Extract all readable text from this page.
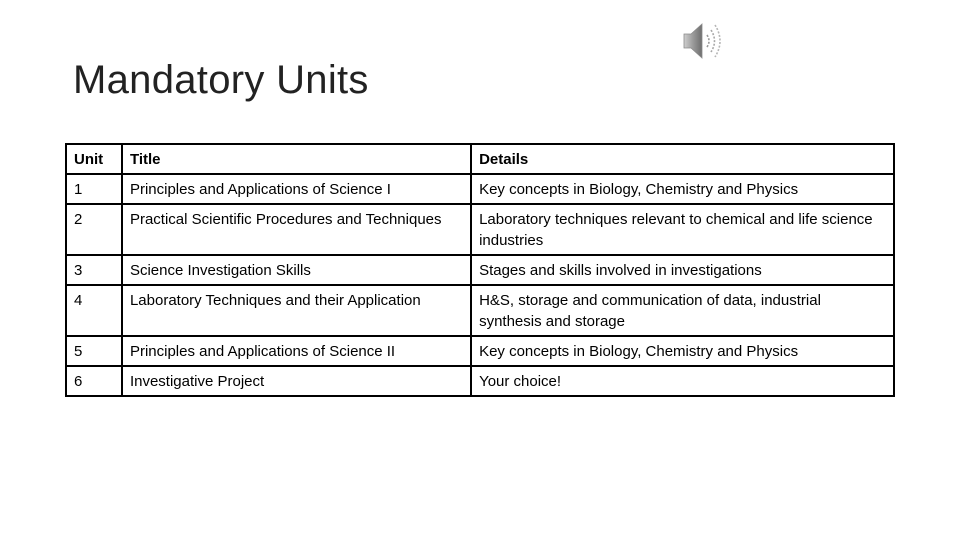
Mandatory Units
Unit	Title	Details
1	Principles and Applications of Science I	Key concepts in Biology, Chemistry and Physics
2	Practical Scientific Procedures and Techniques	Laboratory techniques relevant to chemical and life science industries
3	Science Investigation Skills	Stages and skills involved in investigations
4	Laboratory Techniques and their Application	H&S, storage and communication of data, industrial synthesis and storage
5	Principles and Applications of Science II	Key concepts in Biology, Chemistry and Physics
6	Investigative Project	Your choice!
